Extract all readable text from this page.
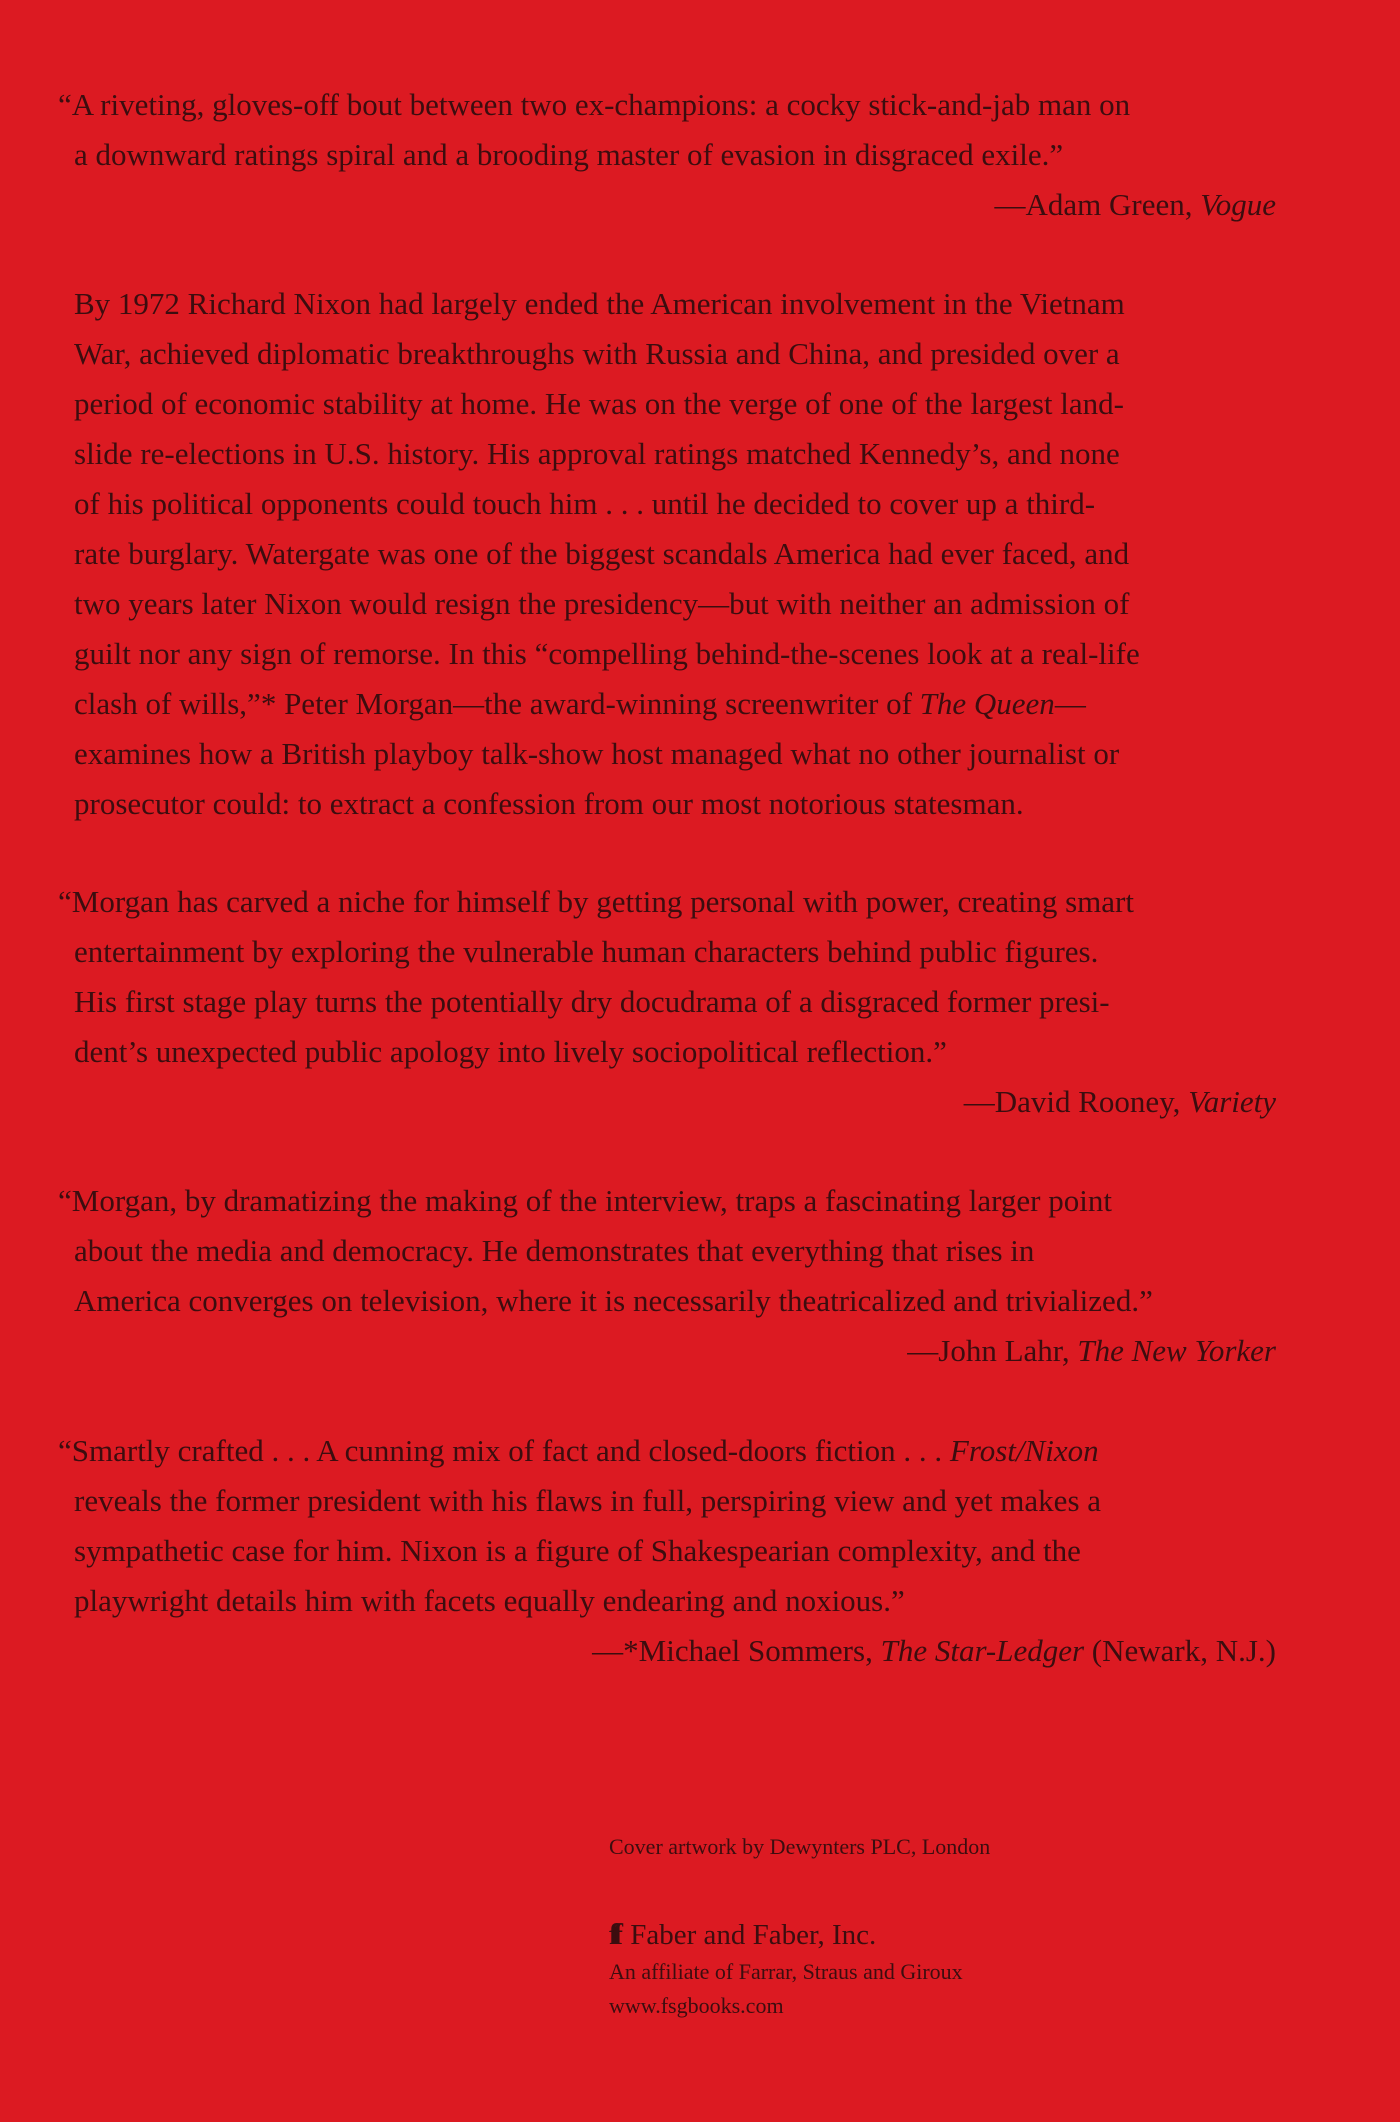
“A riveting, gloves-off bout between two ex-champions: a cocky stick-and-jab man on
a downward ratings spiral and a brooding master of evasion in disgraced exile.”
—Adam Green, Vogue
By 1972 Richard Nixon had largely ended the American involvement in the Vietnam
War, achieved diplomatic breakthroughs with Russia and China, and presided over a
period of economic stability at home. He was on the verge of one of the largest land-
slide re-elections in U.S. history. His approval ratings matched Kennedy’s, and none
of his political opponents could touch him . . . until he decided to cover up a third-
rate burglary. Watergate was one of the biggest scandals America had ever faced, and
two years later Nixon would resign the presidency—but with neither an admission of
guilt nor any sign of remorse. In this “compelling behind-the-scenes look at a real-life
clash of wills,”* Peter Morgan—the award-winning screenwriter of The Queen—
examines how a British playboy talk-show host managed what no other journalist or
prosecutor could: to extract a confession from our most notorious statesman.
“Morgan has carved a niche for himself by getting personal with power, creating smart
entertainment by exploring the vulnerable human characters behind public figures.
His first stage play turns the potentially dry docudrama of a disgraced former presi-
dent’s unexpected public apology into lively sociopolitical reflection.”
—David Rooney, Variety
“Morgan, by dramatizing the making of the interview, traps a fascinating larger point
about the media and democracy. He demonstrates that everything that rises in
America converges on television, where it is necessarily theatricalized and trivialized.”
—John Lahr, The New Yorker
“Smartly crafted . . . A cunning mix of fact and closed-doors fiction . . . Frost/Nixon
reveals the former president with his flaws in full, perspiring view and yet makes a
sympathetic case for him. Nixon is a figure of Shakespearian complexity, and the
playwright details him with facets equally endearing and noxious.”
—*Michael Sommers, The Star-Ledger (Newark, N.J.)
Cover artwork by Dewynters PLC, London
ff Faber and Faber, Inc.
An affiliate of Farrar, Straus and Giroux
www.fsgbooks.com
